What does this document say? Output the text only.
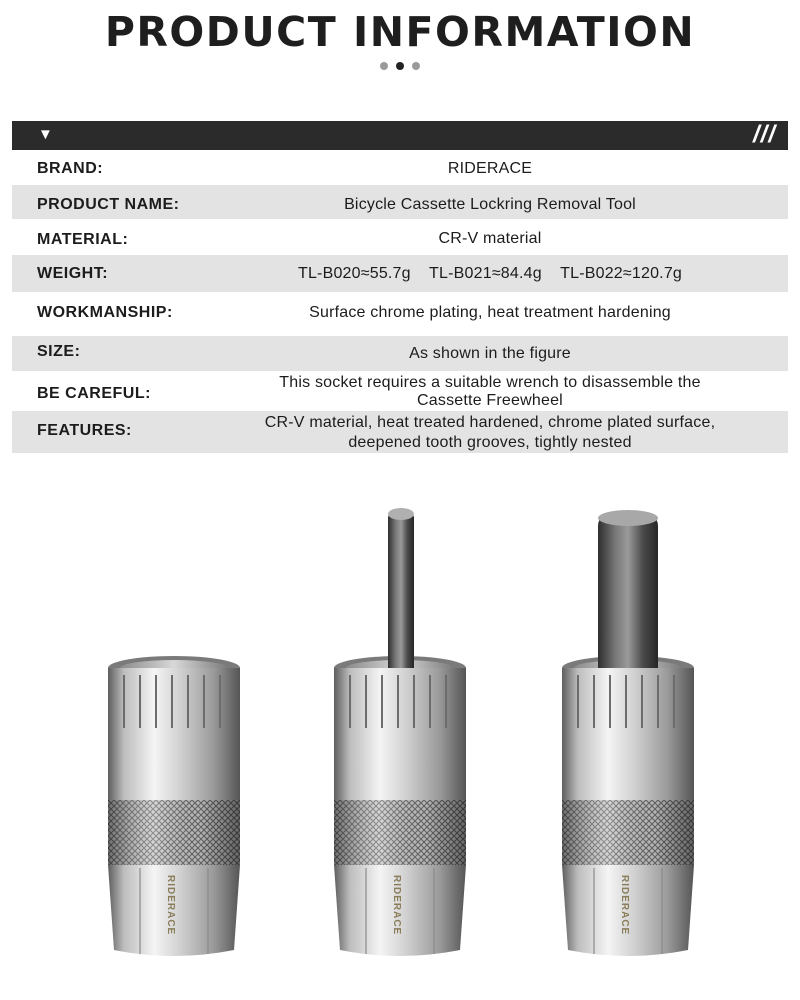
PRODUCT INFORMATION
▼	///
BRAND:	RIDERACE
PRODUCT NAME:	Bicycle Cassette Lockring Removal Tool
MATERIAL:	CR-V material
WEIGHT:	TL-B020≈55.7g    TL-B021≈84.4g    TL-B022≈120.7g
WORKMANSHIP:	Surface chrome plating, heat treatment hardening
SIZE:	As shown in the figure
BE CAREFUL:
This socket requires a suitable wrench to disassemble the
Cassette Freewheel
FEATURES:	CR-V material, heat treated hardened, chrome plated surface,
deepened tooth grooves, tightly nested
RIDERACE	RIDERACE	RIDERACE
